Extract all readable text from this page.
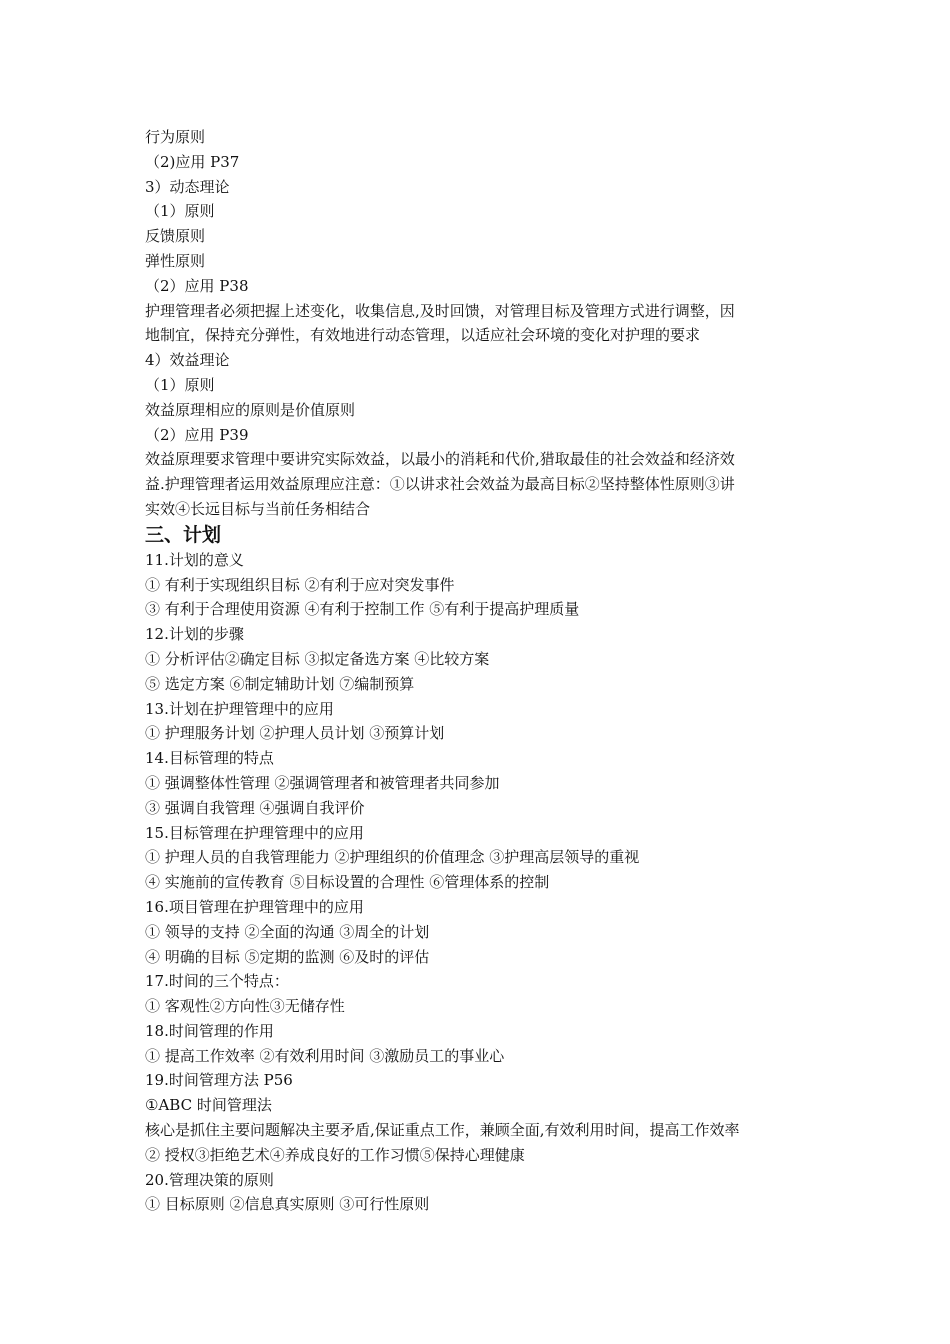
行为原则
（2)应用 P37
3）动态理论
（1）原则
反馈原则
弹性原则
（2）应用 P38
护理管理者必须把握上述变化，收集信息,及时回馈，对管理目标及管理方式进行调整，因
地制宜，保持充分弹性，有效地进行动态管理，以适应社会环境的变化对护理的要求
4）效益理论
（1）原则
效益原理相应的原则是价值原则
（2）应用 P39
效益原理要求管理中要讲究实际效益，以最小的消耗和代价,猎取最佳的社会效益和经济效
益.护理管理者运用效益原理应注意：①以讲求社会效益为最高目标②坚持整体性原则③讲
实效④长远目标与当前任务相结合
三、计划
11.计划的意义
① 有利于实现组织目标 ②有利于应对突发事件
③ 有利于合理使用资源 ④有利于控制工作 ⑤有利于提高护理质量
12.计划的步骤
① 分析评估②确定目标 ③拟定备选方案 ④比较方案
⑤ 选定方案 ⑥制定辅助计划 ⑦编制预算
13.计划在护理管理中的应用
① 护理服务计划 ②护理人员计划 ③预算计划
14.目标管理的特点
① 强调整体性管理 ②强调管理者和被管理者共同参加
③ 强调自我管理 ④强调自我评价
15.目标管理在护理管理中的应用
① 护理人员的自我管理能力 ②护理组织的价值理念 ③护理高层领导的重视
④ 实施前的宣传教育 ⑤目标设置的合理性 ⑥管理体系的控制
16.项目管理在护理管理中的应用
① 领导的支持 ②全面的沟通 ③周全的计划
④ 明确的目标 ⑤定期的监测 ⑥及时的评估
17.时间的三个特点：
① 客观性②方向性③无储存性
18.时间管理的作用
① 提高工作效率 ②有效利用时间 ③激励员工的事业心
19.时间管理方法 P56
①ABC 时间管理法
核心是抓住主要问题解决主要矛盾,保证重点工作，兼顾全面,有效利用时间，提高工作效率
② 授权③拒绝艺术④养成良好的工作习惯⑤保持心理健康
20.管理决策的原则
① 目标原则 ②信息真实原则 ③可行性原则
